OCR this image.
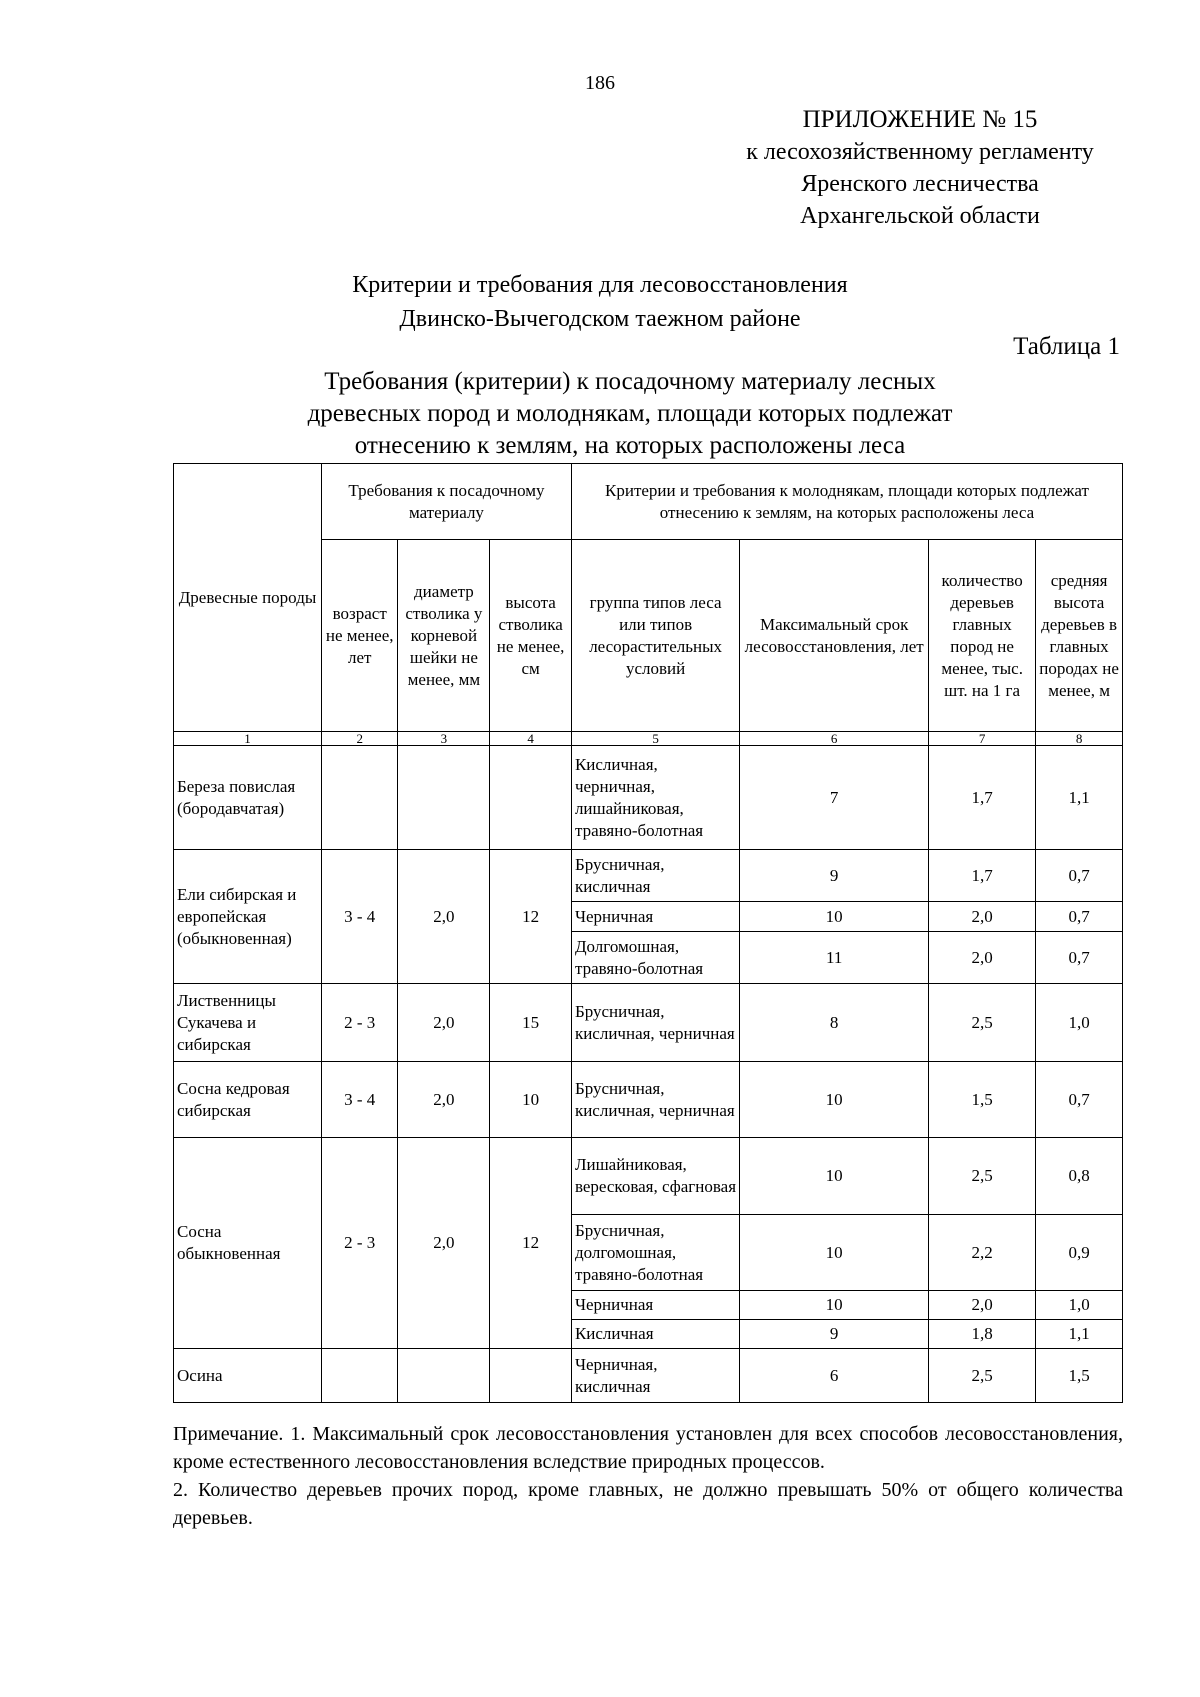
186
ПРИЛОЖЕНИЕ № 15
к лесохозяйственному регламенту
Яренского лесничества
Архангельской области
Критерии и требования для лесовосстановления
Двинско-Вычегодском таежном районе
Таблица 1
Требования (критерии) к посадочному материалу лесных
древесных пород и молоднякам, площади которых подлежат
отнесению к землям, на которых расположены леса
Древесные породы	Требования к посадочному материалу			Критерии и требования к молоднякам, площади которых подлежат отнесению к землям, на которых расположены леса			
	возраст не менее, лет	диаметр стволика у корневой шейки не менее, мм	высота стволика не менее, см	группа типов леса или типов лесорастительных условий	Максимальный срок лесовосстановления, лет	количество деревьев главных пород не менее, тыс. шт. на 1 га	средняя высота деревьев в главных породах не менее, м
1	2	3	4	5	6	7	8
Береза повислая (бородавчатая)				Кисличная, черничная, лишайниковая, травяно-болотная	7	1,7	1,1
Ели сибирская и европейская (обыкновенная)	3 - 4	2,0	12	Брусничная, кисличная	9	1,7	0,7
				Черничная	10	2,0	0,7
				Долгомошная, травяно-болотная	11	2,0	0,7
Лиственницы Сукачева и сибирская	2 - 3	2,0	15	Брусничная, кисличная, черничная	8	2,5	1,0
Сосна кедровая сибирская	3 - 4	2,0	10	Брусничная, кисличная, черничная	10	1,5	0,7
Сосна обыкновенная	2 - 3	2,0	12	Лишайниковая, вересковая, сфагновая	10	2,5	0,8
				Брусничная, долгомошная, травяно-болотная	10	2,2	0,9
				Черничная	10	2,0	1,0
				Кисличная	9	1,8	1,1
Осина				Черничная, кисличная	6	2,5	1,5

Примечание. 1. Максимальный срок лесовосстановления установлен для всех способов лесовосстановления, кроме естественного лесовосстановления вследствие природных процессов.

2. Количество деревьев прочих пород, кроме главных, не должно превышать 50% от общего количества деревьев.
